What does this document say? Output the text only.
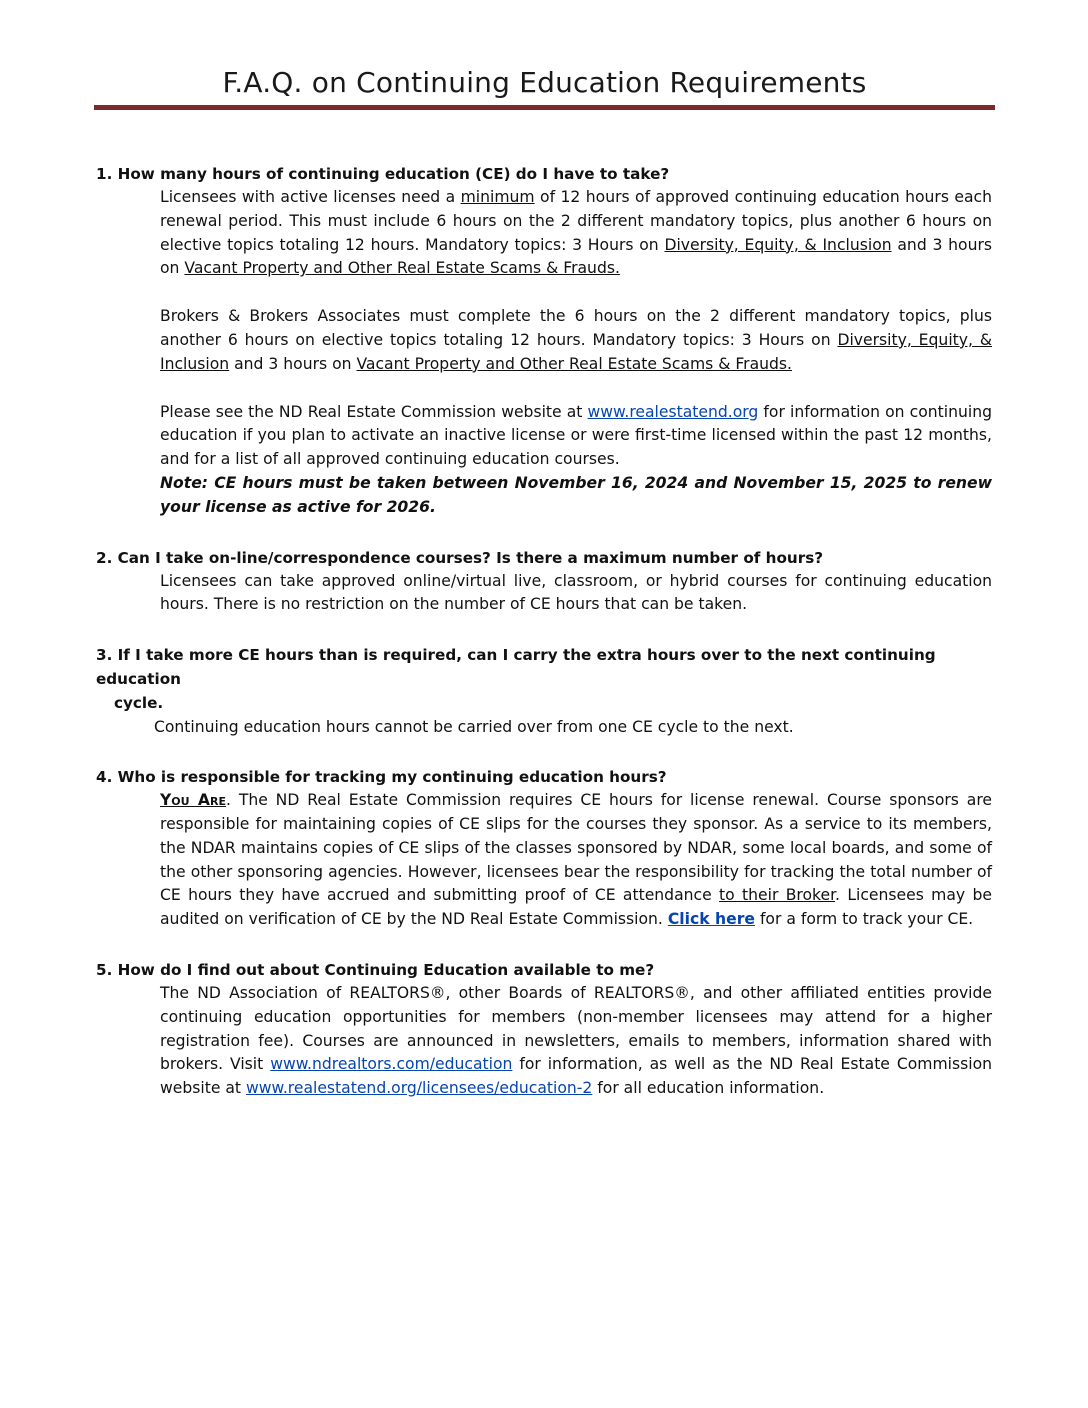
F.A.Q. on Continuing Education Requirements

1. How many hours of continuing education (CE) do I have to take?

Licensees with active licenses need a minimum of 12 hours of approved continuing education hours each renewal period. This must include 6 hours on the 2 different mandatory topics, plus another 6 hours on elective topics totaling 12 hours. Mandatory topics: 3 Hours on Diversity, Equity, & Inclusion and 3 hours on Vacant Property and Other Real Estate Scams & Frauds.

Brokers & Brokers Associates must complete the 6 hours on the 2 different mandatory topics, plus another 6 hours on elective topics totaling 12 hours. Mandatory topics: 3 Hours on Diversity, Equity, & Inclusion and 3 hours on Vacant Property and Other Real Estate Scams & Frauds.

Please see the ND Real Estate Commission website at www.realestatend.org for information on continuing education if you plan to activate an inactive license or were first-time licensed within the past 12 months, and for a list of all approved continuing education courses.

Note: CE hours must be taken between November 16, 2024 and November 15, 2025 to renew your license as active for 2026.

2. Can I take on-line/correspondence courses? Is there a maximum number of hours?

Licensees can take approved online/virtual live, classroom, or hybrid courses for continuing education hours. There is no restriction on the number of CE hours that can be taken.

3. If I take more CE hours than is required, can I carry the extra hours over to the next continuing education
cycle.

Continuing education hours cannot be carried over from one CE cycle to the next.

4. Who is responsible for tracking my continuing education hours?

You Are. The ND Real Estate Commission requires CE hours for license renewal. Course sponsors are responsible for maintaining copies of CE slips for the courses they sponsor. As a service to its members, the NDAR maintains copies of CE slips of the classes sponsored by NDAR, some local boards, and some of the other sponsoring agencies. However, licensees bear the responsibility for tracking the total number of CE hours they have accrued and submitting proof of CE attendance to their Broker. Licensees may be audited on verification of CE by the ND Real Estate Commission. Click here for a form to track your CE.

5. How do I find out about Continuing Education available to me?

The ND Association of REALTORS®, other Boards of REALTORS®, and other affiliated entities provide continuing education opportunities for members (non-member licensees may attend for a higher registration fee). Courses are announced in newsletters, emails to members, information shared with brokers. Visit www.ndrealtors.com/education for information, as well as the ND Real Estate Commission website at www.realestatend.org/licensees/education-2 for all education information.
